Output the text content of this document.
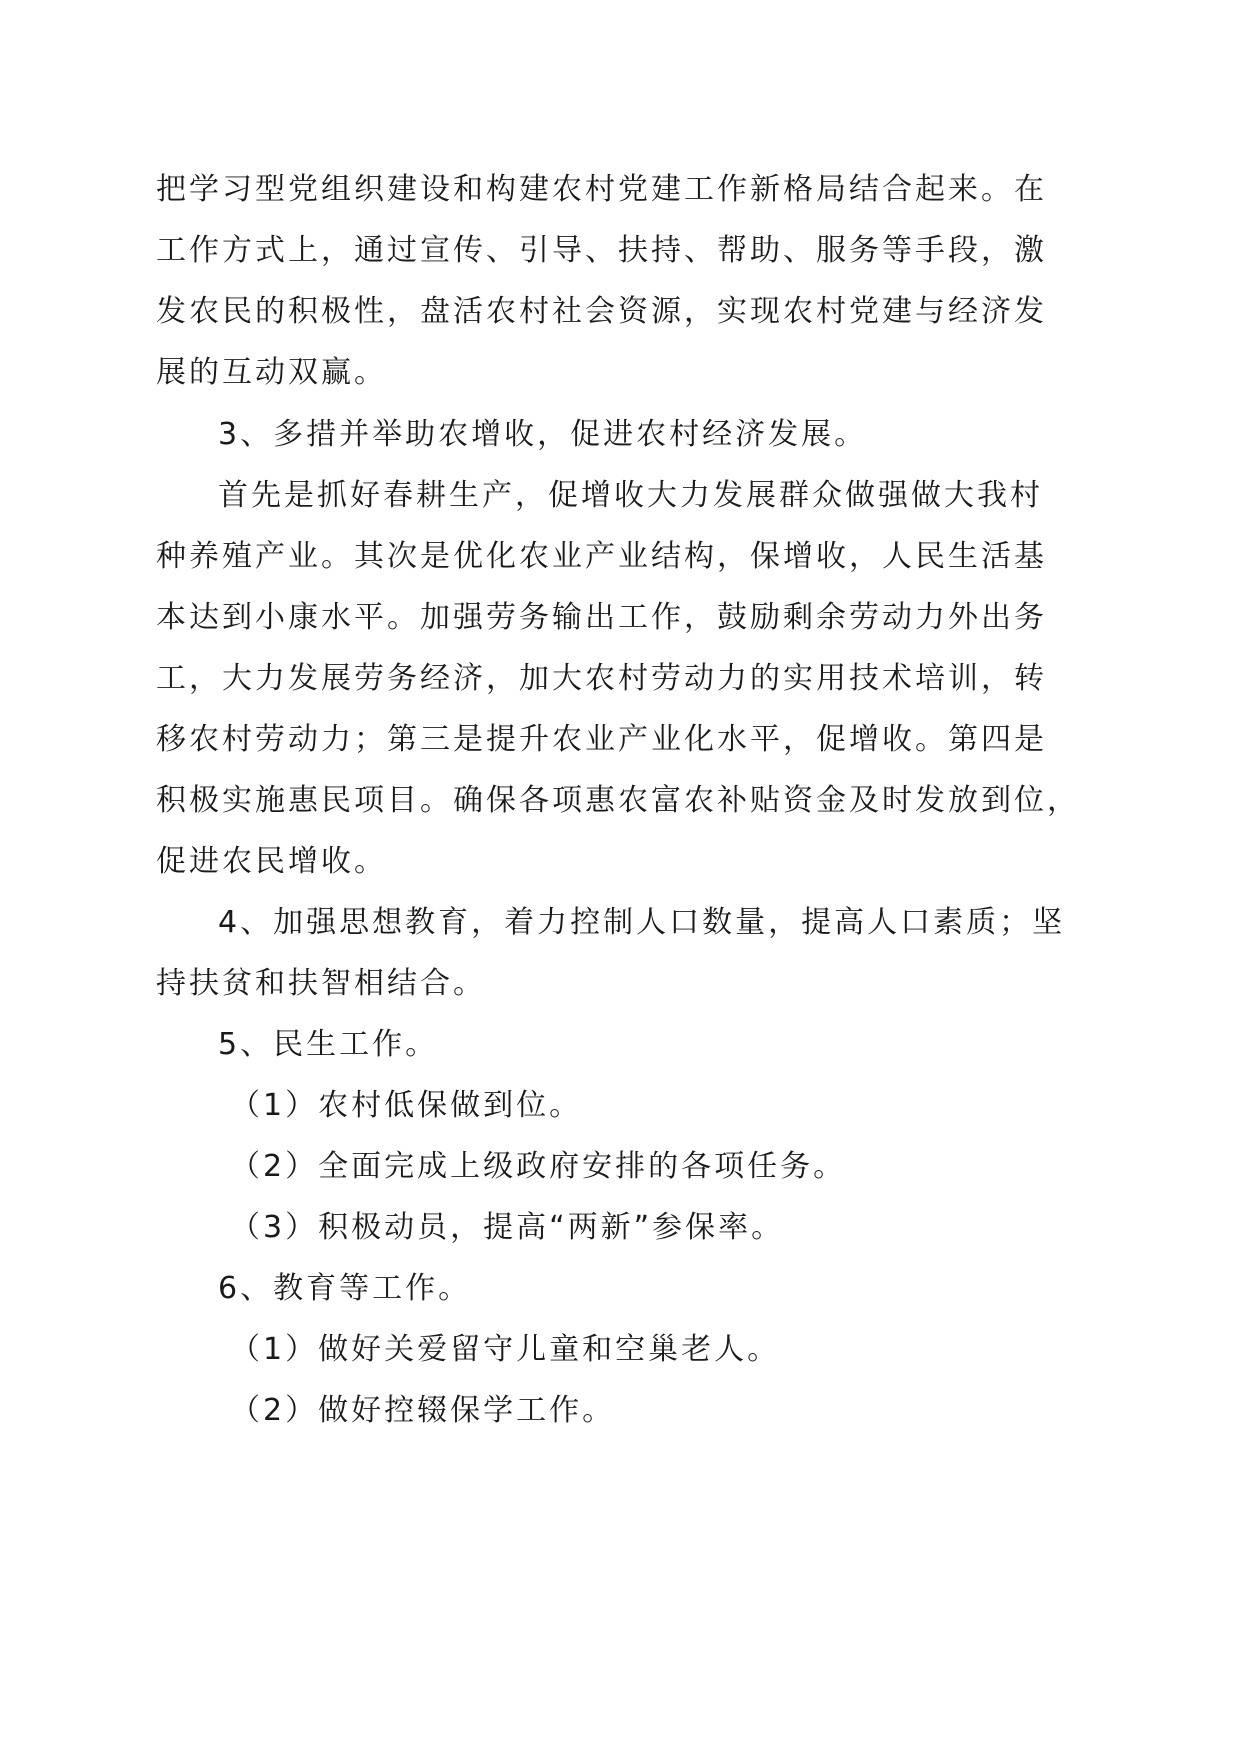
把学习型党组织建设和构建农村党建工作新格局结合起来。在

工作方式上，通过宣传、引导、扶持、帮助、服务等手段，激

发农民的积极性，盘活农村社会资源，实现农村党建与经济发

展的互动双赢。

3、多措并举助农增收，促进农村经济发展。

首先是抓好春耕生产，促增收大力发展群众做强做大我村

种养殖产业。其次是优化农业产业结构，保增收，人民生活基

本达到小康水平。加强劳务输出工作，鼓励剩余劳动力外出务

工，大力发展劳务经济，加大农村劳动力的实用技术培训，转

移农村劳动力；第三是提升农业产业化水平，促增收。第四是

积极实施惠民项目。确保各项惠农富农补贴资金及时发放到位，

促进农民增收。

4、加强思想教育，着力控制人口数量，提高人口素质；坚

持扶贫和扶智相结合。

5、民生工作。

（1）农村低保做到位。

（2）全面完成上级政府安排的各项任务。

（3）积极动员，提高“两新”参保率。

6、教育等工作。

（1）做好关爱留守儿童和空巢老人。

（2）做好控辍保学工作。
